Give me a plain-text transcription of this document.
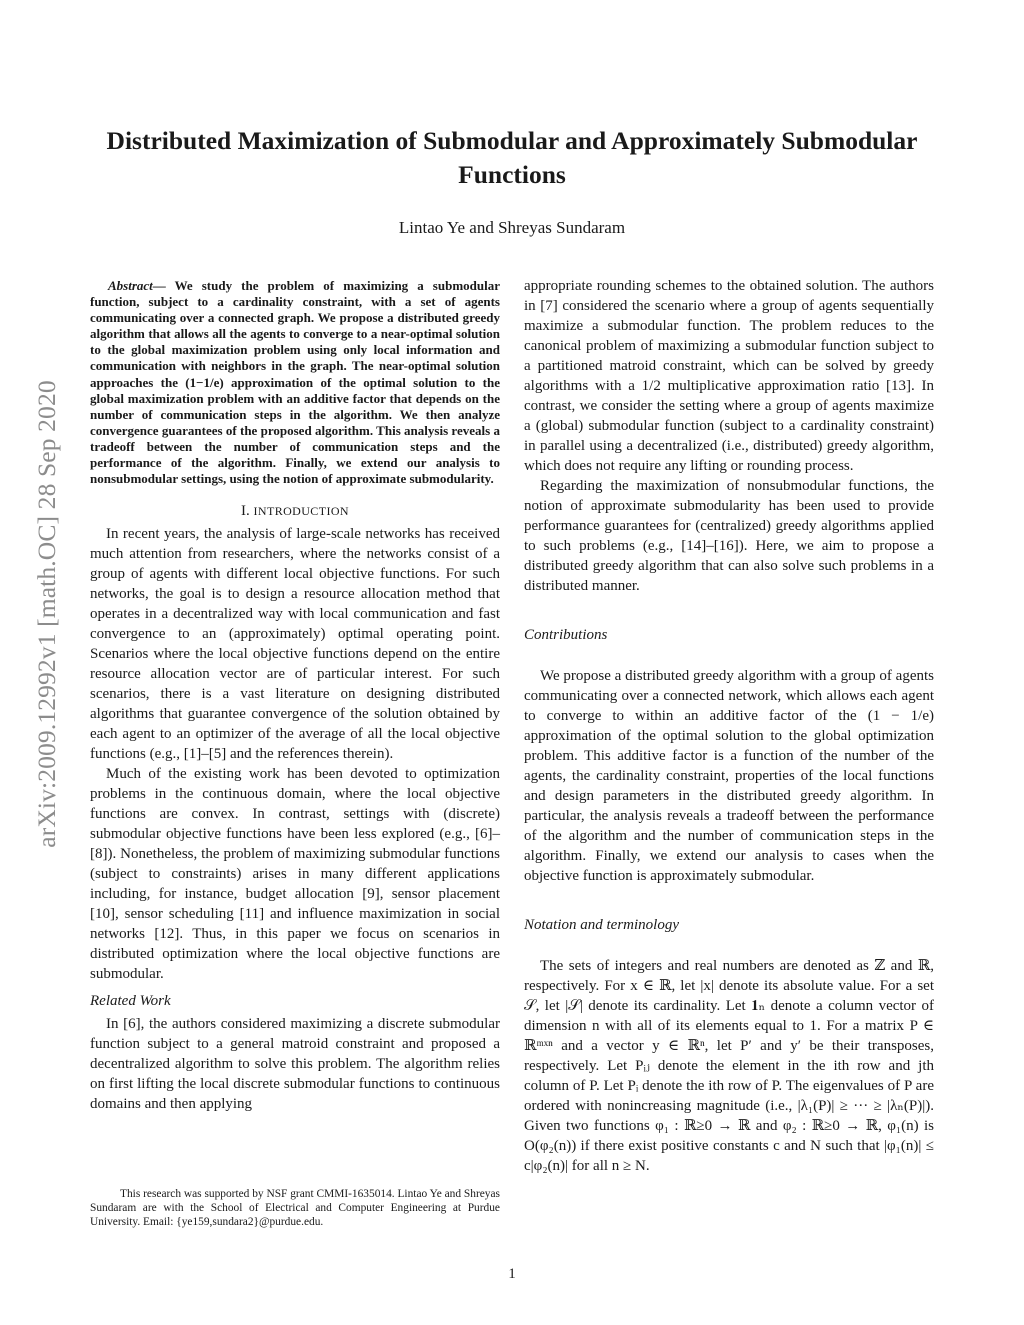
Distributed Maximization of Submodular and Approximately Submodular Functions
Lintao Ye and Shreyas Sundaram
arXiv:2009.12992v1 [math.OC] 28 Sep 2020

Abstract— We study the problem of maximizing a submodular function, subject to a cardinality constraint, with a set of agents communicating over a connected graph. We propose a distributed greedy algorithm that allows all the agents to converge to a near-optimal solution to the global maximization problem using only local information and communication with neighbors in the graph. The near-optimal solution approaches the (1−1/e) approximation of the optimal solution to the global maximization problem with an additive factor that depends on the number of communication steps in the algorithm. We then analyze convergence guarantees of the proposed algorithm. This analysis reveals a tradeoff between the number of communication steps and the performance of the algorithm. Finally, we extend our analysis to nonsubmodular settings, using the notion of approximate submodularity.

I. INTRODUCTION

In recent years, the analysis of large-scale networks has received much attention from researchers, where the networks consist of a group of agents with different local objective functions. For such networks, the goal is to design a resource allocation method that operates in a decentralized way with local communication and fast convergence to an (approximately) optimal operating point. Scenarios where the local objective functions depend on the entire resource allocation vector are of particular interest. For such scenarios, there is a vast literature on designing distributed algorithms that guarantee convergence of the solution obtained by each agent to an optimizer of the average of all the local objective functions (e.g., [1]–[5] and the references therein).

Much of the existing work has been devoted to optimization problems in the continuous domain, where the local objective functions are convex. In contrast, settings with (discrete) submodular objective functions have been less explored (e.g., [6]–[8]). Nonetheless, the problem of maximizing submodular functions (subject to constraints) arises in many different applications including, for instance, budget allocation [9], sensor placement [10], sensor scheduling [11] and influence maximization in social networks [12]. Thus, in this paper we focus on scenarios in distributed optimization where the local objective functions are submodular.

Related Work

In [6], the authors considered maximizing a discrete submodular function subject to a general matroid constraint and proposed a decentralized algorithm to solve this problem. The algorithm relies on first lifting the local discrete submodular functions to continuous domains and then applying

appropriate rounding schemes to the obtained solution. The authors in [7] considered the scenario where a group of agents sequentially maximize a submodular function. The problem reduces to the canonical problem of maximizing a submodular function subject to a partitioned matroid constraint, which can be solved by greedy algorithms with a 1/2 multiplicative approximation ratio [13]. In contrast, we consider the setting where a group of agents maximize a (global) submodular function (subject to a cardinality constraint) in parallel using a decentralized (i.e., distributed) greedy algorithm, which does not require any lifting or rounding process.

Regarding the maximization of nonsubmodular functions, the notion of approximate submodularity has been used to provide performance guarantees for (centralized) greedy algorithms applied to such problems (e.g., [14]–[16]). Here, we aim to propose a distributed greedy algorithm that can also solve such problems in a distributed manner.

Contributions

We propose a distributed greedy algorithm with a group of agents communicating over a connected network, which allows each agent to converge to within an additive factor of the (1 − 1/e) approximation of the optimal solution to the global optimization problem. This additive factor is a function of the number of the agents, the cardinality constraint, properties of the local functions and design parameters in the distributed greedy algorithm. In particular, the analysis reveals a tradeoff between the performance of the algorithm and the number of communication steps in the algorithm. Finally, we extend our analysis to cases when the objective function is approximately submodular.

Notation and terminology

The sets of integers and real numbers are denoted as ℤ and ℝ, respectively. For x ∈ ℝ, let |x| denote its absolute value. For a set 𝒮, let |𝒮| denote its cardinality. Let 𝟏ₙ denote a column vector of dimension n with all of its elements equal to 1. For a matrix P ∈ ℝᵐˣⁿ and a vector y ∈ ℝⁿ, let P′ and y′ be their transposes, respectively. Let Pᵢⱼ denote the element in the ith row and jth column of P. Let Pᵢ denote the ith row of P. The eigenvalues of P are ordered with nonincreasing magnitude (i.e., |λ₁(P)| ≥ ··· ≥ |λₙ(P)|). Given two functions φ₁ : ℝ≥0 → ℝ and φ₂ : ℝ≥0 → ℝ, φ₁(n) is O(φ₂(n)) if there exist positive constants c and N such that |φ₁(n)| ≤ c|φ₂(n)| for all n ≥ N.

This research was supported by NSF grant CMMI-1635014. Lintao Ye and Shreyas Sundaram are with the School of Electrical and Computer Engineering at Purdue University. Email: {ye159,sundara2}@purdue.edu.
1
